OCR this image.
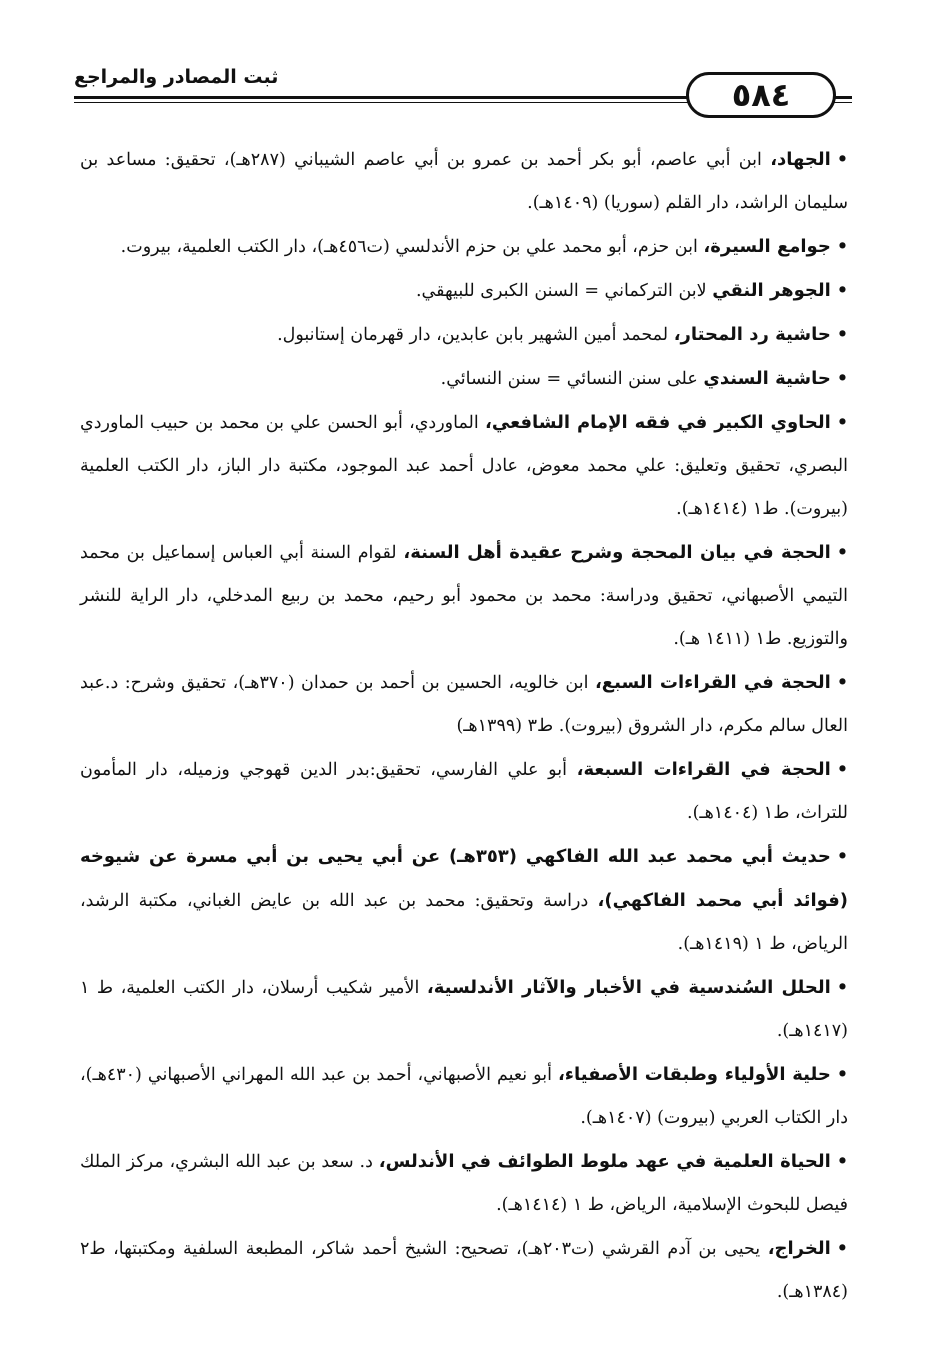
ثبت المصادر والمراجع	٥٨٤

•الجهاد، ابن أبي عاصم، أبو بكر أحمد بن عمرو بن أبي عاصم الشيباني (٢٨٧هـ)، تحقيق: مساعد بن سليمان الراشد، دار القلم (سوريا) (١٤٠٩هـ).

•جوامع السيرة، ابن حزم، أبو محمد علي بن حزم الأندلسي (ت٤٥٦هـ)، دار الكتب العلمية، بيروت.

•الجوهر النقي لابن التركماني = السنن الكبرى للبيهقي.

•حاشية رد المحتار، لمحمد أمين الشهير بابن عابدين، دار قهرمان إستانبول.

•حاشية السندي على سنن النسائي = سنن النسائي.

•الحاوي الكبير في فقه الإمام الشافعي، الماوردي، أبو الحسن علي بن محمد بن حبيب الماوردي البصري، تحقيق وتعليق: علي محمد معوض، عادل أحمد عبد الموجود، مكتبة دار الباز، دار الكتب العلمية (بيروت). ط١ (١٤١٤هـ).

•الحجة في بيان المحجة وشرح عقيدة أهل السنة، لقوام السنة أبي العباس إسماعيل بن محمد التيمي الأصبهاني، تحقيق ودراسة: محمد بن محمود أبو رحيم، محمد بن ربيع المدخلي، دار الراية للنشر والتوزيع. ط١ (١٤١١ هـ).

•الحجة في القراءات السبع، ابن خالويه، الحسين بن أحمد بن حمدان (٣٧٠هـ)، تحقيق وشرح: د.عبد العال سالم مكرم، دار الشروق (بيروت). ط٣ (١٣٩٩هـ)

•الحجة في القراءات السبعة، أبو علي الفارسي، تحقيق:بدر الدين قهوجي وزميله، دار المأمون للتراث، ط١ (١٤٠٤هـ).

•حديث أبي محمد عبد الله الفاكهي (٣٥٣هـ) عن أبي يحيى بن أبي مسرة عن شيوخه (فوائد أبي محمد الفاكهي)، دراسة وتحقيق: محمد بن عبد الله بن عايض الغباني، مكتبة الرشد، الرياض، ط ١ (١٤١٩هـ).

•الحلل السُندسية في الأخبار والآثار الأندلسية، الأمير شكيب أرسلان، دار الكتب العلمية، ط ١ (١٤١٧هـ).

•حلية الأولياء وطبقات الأصفياء، أبو نعيم الأصبهاني، أحمد بن عبد الله المهراني الأصبهاني (٤٣٠هـ)، دار الكتاب العربي (بيروت) (١٤٠٧هـ).

•الحياة العلمية في عهد ملوط الطوائف في الأندلس، د. سعد بن عبد الله البشري، مركز الملك فيصل للبحوث الإسلامية، الرياض، ط ١ (١٤١٤هـ).

•الخراج، يحيى بن آدم القرشي (ت٢٠٣هـ)، تصحيح: الشيخ أحمد شاكر، المطبعة السلفية ومكتبتها، ط٢ (١٣٨٤هـ).
